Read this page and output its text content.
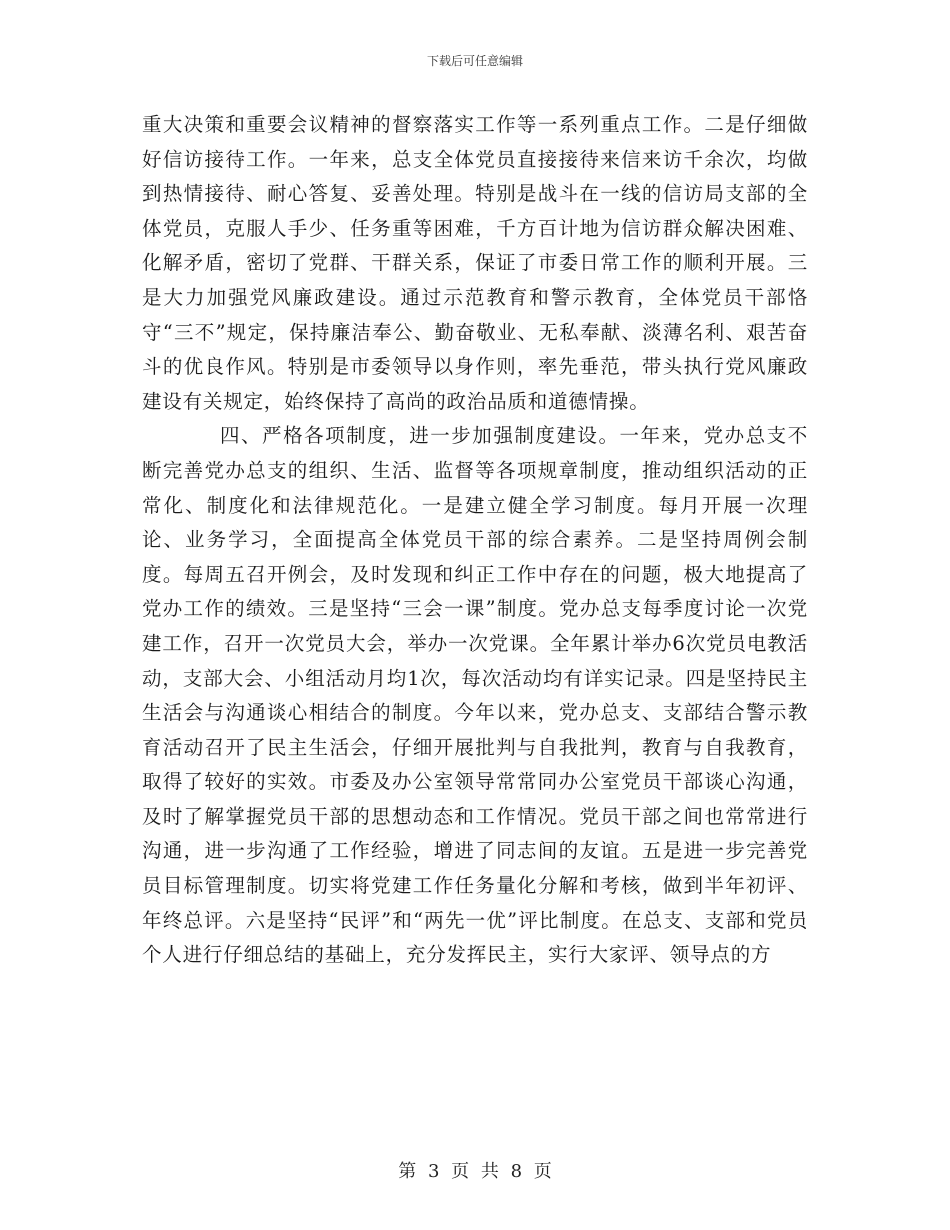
下载后可任意编辑

重大决策和重要会议精神的督察落实工作等一系列重点工作。二是仔细做好信访接待工作。一年来，总支全体党员直接接待来信来访千余次，均做到热情接待、耐心答复、妥善处理。特别是战斗在一线的信访局支部的全体党员，克服人手少、任务重等困难，千方百计地为信访群众解决困难、化解矛盾，密切了党群、干群关系，保证了市委日常工作的顺利开展。三是大力加强党风廉政建设。通过示范教育和警示教育，全体党员干部恪守“三不”规定，保持廉洁奉公、勤奋敬业、无私奉献、淡薄名利、艰苦奋斗的优良作风。特别是市委领导以身作则，率先垂范，带头执行党风廉政建设有关规定，始终保持了高尚的政治品质和道德情操。

四、严格各项制度，进一步加强制度建设。一年来，党办总支不断完善党办总支的组织、生活、监督等各项规章制度，推动组织活动的正常化、制度化和法律规范化。一是建立健全学习制度。每月开展一次理论、业务学习，全面提高全体党员干部的综合素养。二是坚持周例会制度。每周五召开例会，及时发现和纠正工作中存在的问题，极大地提高了党办工作的绩效。三是坚持“三会一课”制度。党办总支每季度讨论一次党建工作，召开一次党员大会，举办一次党课。全年累计举办6次党员电教活动，支部大会、小组活动月均1次，每次活动均有详实记录。四是坚持民主生活会与沟通谈心相结合的制度。今年以来，党办总支、支部结合警示教育活动召开了民主生活会，仔细开展批判与自我批判，教育与自我教育，取得了较好的实效。市委及办公室领导常常同办公室党员干部谈心沟通，及时了解掌握党员干部的思想动态和工作情况。党员干部之间也常常进行沟通，进一步沟通了工作经验，增进了同志间的友谊。五是进一步完善党员目标管理制度。切实将党建工作任务量化分解和考核，做到半年初评、年终总评。六是坚持“民评”和“两先一优”评比制度。在总支、支部和党员个人进行仔细总结的基础上，充分发挥民主，实行大家评、领导点的方

第 3 页 共 8 页
